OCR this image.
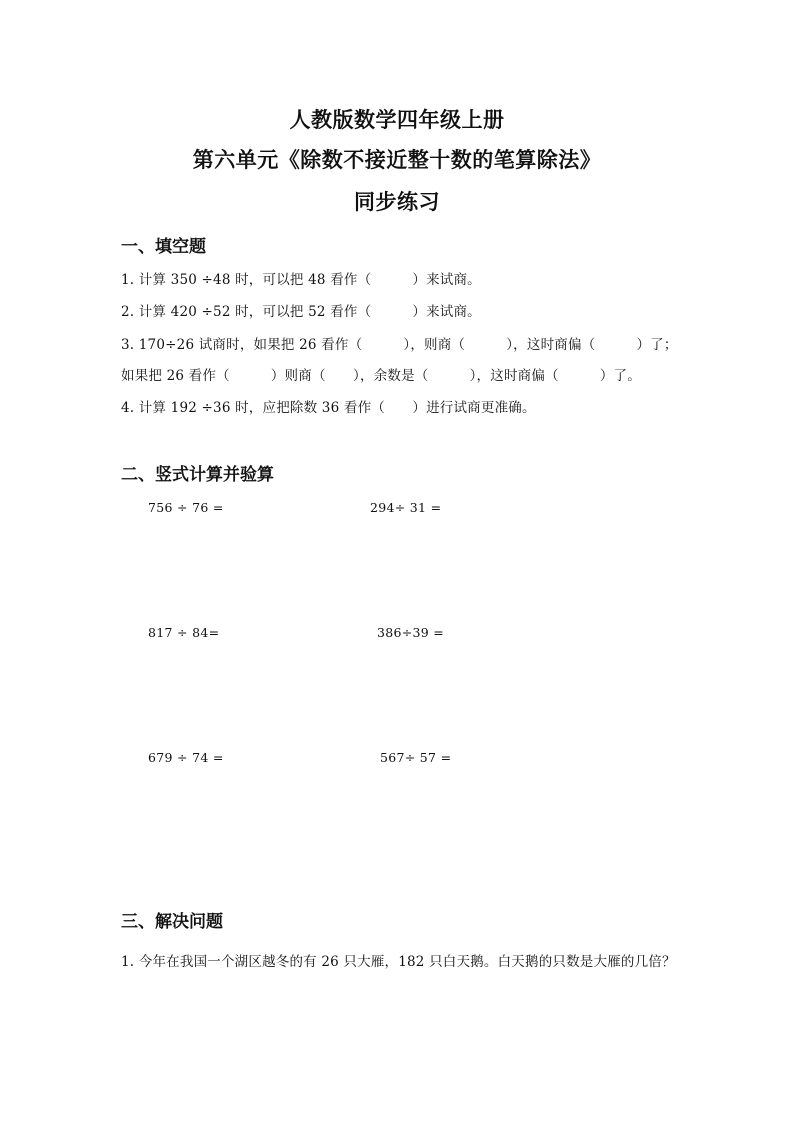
人教版数学四年级上册
第六单元《除数不接近整十数的笔算除法》
同步练习
一、填空题
1. 计算 350 ÷48 时，可以把 48 看作（　　　）来试商。
2. 计算 420 ÷52 时，可以把 52 看作（　　　）来试商。
3. 170÷26 试商时，如果把 26 看作（　　　），则商（　　　），这时商偏（　　　）了；
如果把 26 看作（　　　）则商（　　），余数是（　　　），这时商偏（　　　）了。
4. 计算 192 ÷36 时，应把除数 36 看作（　　）进行试商更准确。
二、竖式计算并验算
756 ÷ 76 =	294÷ 31 =
817 ÷ 84=	386÷39 =
679 ÷ 74 =	567÷ 57 =
三、解决问题
1. 今年在我国一个湖区越冬的有 26 只大雁，182 只白天鹅。白天鹅的只数是大雁的几倍？
